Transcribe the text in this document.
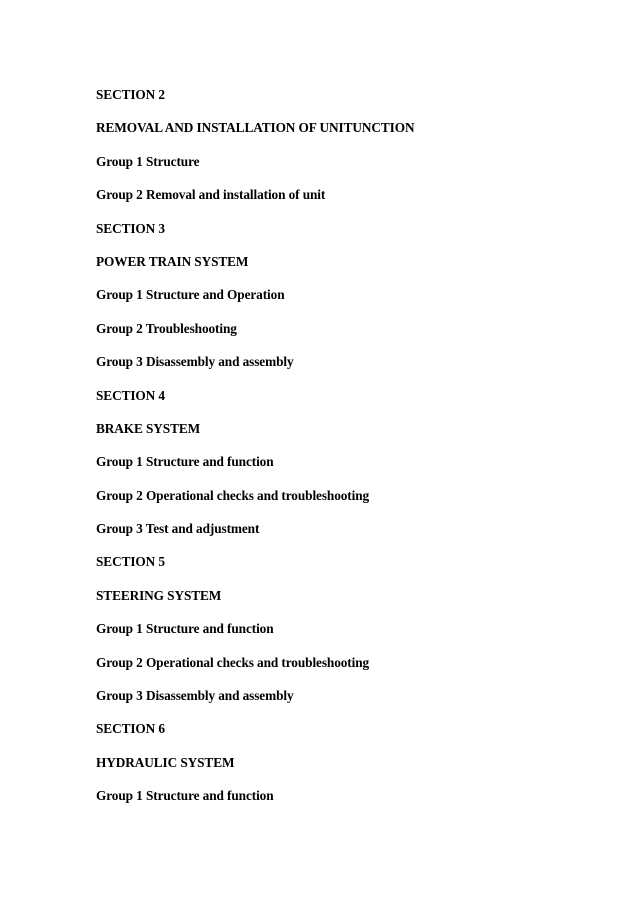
SECTION 2
REMOVAL AND INSTALLATION OF UNITUNCTION
Group 1 Structure
Group 2 Removal and installation of unit
SECTION 3
POWER TRAIN SYSTEM
Group 1 Structure and Operation
Group 2 Troubleshooting
Group 3 Disassembly and assembly
SECTION 4
BRAKE SYSTEM
Group 1 Structure and function
Group 2 Operational checks and troubleshooting
Group 3 Test and adjustment
SECTION 5
STEERING SYSTEM
Group 1 Structure and function
Group 2 Operational checks and troubleshooting
Group 3 Disassembly and assembly
SECTION 6
HYDRAULIC SYSTEM
Group 1 Structure and function
